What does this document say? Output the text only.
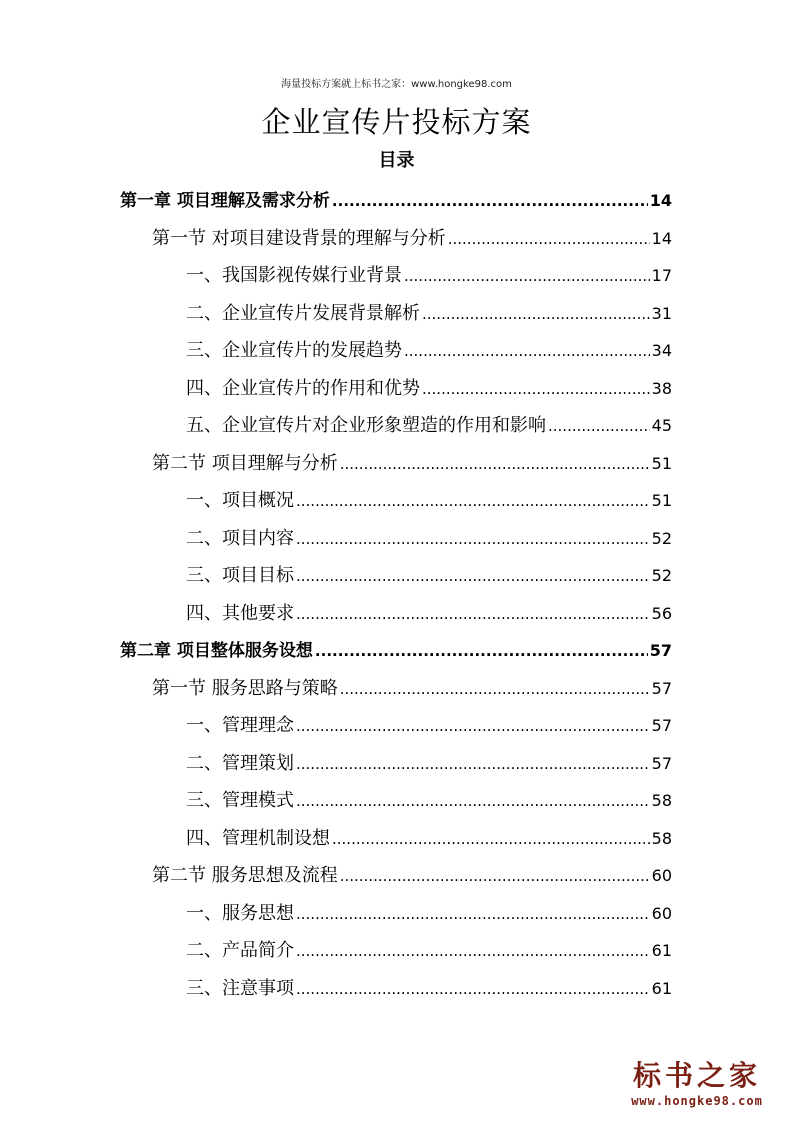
海量投标方案就上标书之家：www.hongke98.com
企业宣传片投标方案
目录
第一章 项目理解及需求分析 .....	14
第一节 对项目建设背景的理解与分析 .....	14
一、我国影视传媒行业背景 .....	17
二、企业宣传片发展背景解析 .....	31
三、企业宣传片的发展趋势 .....	34
四、企业宣传片的作用和优势 .....	38
五、企业宣传片对企业形象塑造的作用和影响 .....	45
第二节 项目理解与分析 .....	51
一、项目概况 .....	51
二、项目内容 .....	52
三、项目目标 .....	52
四、其他要求 .....	56
第二章 项目整体服务设想 .....	57
第一节 服务思路与策略 .....	57
一、管理理念 .....	57
二、管理策划 .....	57
三、管理模式 .....	58
四、管理机制设想 .....	58
第二节 服务思想及流程 .....	60
一、服务思想 .....	60
二、产品简介 .....	61
三、注意事项 .....	61
标书之家
www.hongke98.com
